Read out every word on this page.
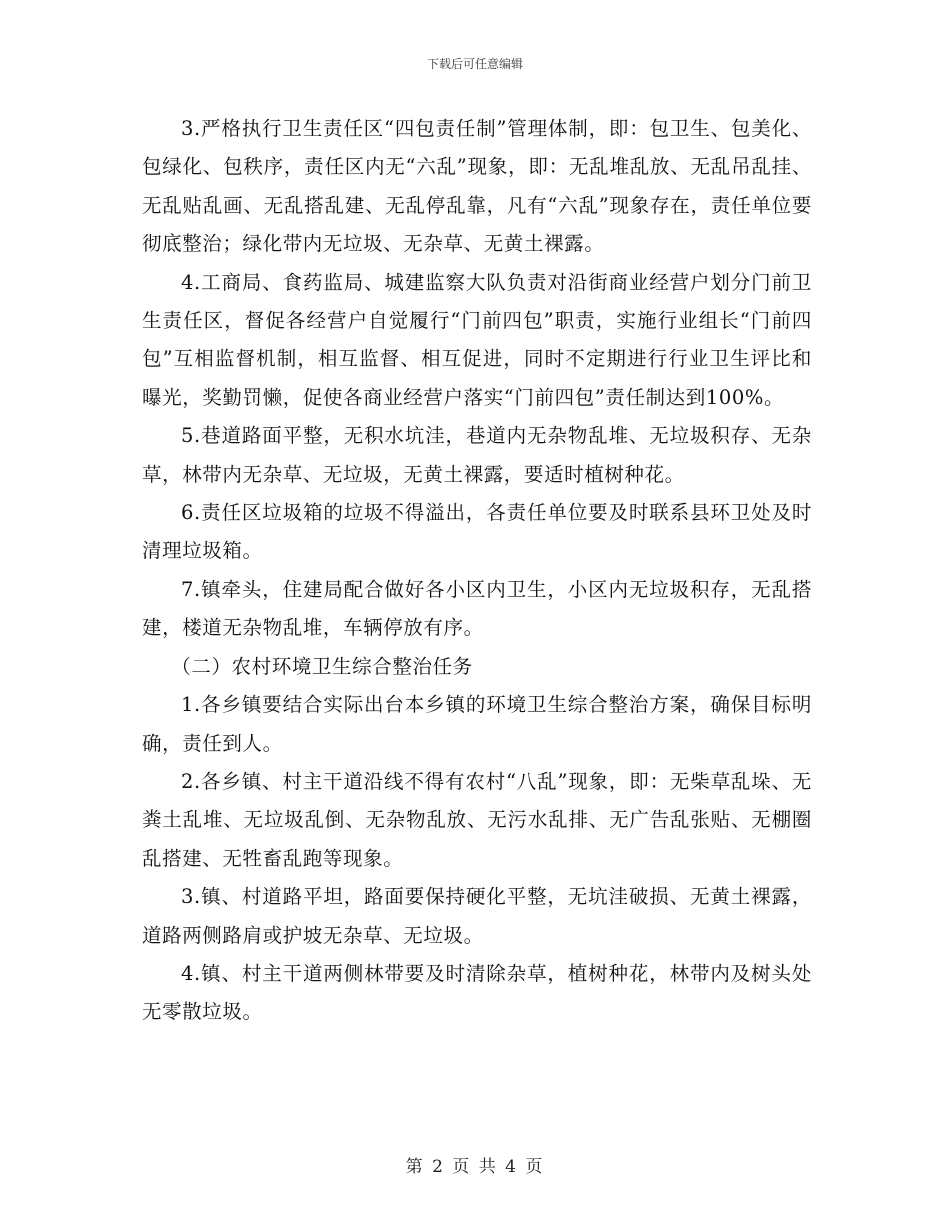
下载后可任意编辑

3.严格执行卫生责任区“四包责任制”管理体制，即：包卫生、包美化、包绿化、包秩序，责任区内无“六乱”现象，即：无乱堆乱放、无乱吊乱挂、无乱贴乱画、无乱搭乱建、无乱停乱靠，凡有“六乱”现象存在，责任单位要彻底整治；绿化带内无垃圾、无杂草、无黄土裸露。

4.工商局、食药监局、城建监察大队负责对沿街商业经营户划分门前卫生责任区，督促各经营户自觉履行“门前四包”职责，实施行业组长“门前四包”互相监督机制，相互监督、相互促进，同时不定期进行行业卫生评比和曝光，奖勤罚懒，促使各商业经营户落实“门前四包”责任制达到100%。

5.巷道路面平整，无积水坑洼，巷道内无杂物乱堆、无垃圾积存、无杂草，林带内无杂草、无垃圾，无黄土裸露，要适时植树种花。

6.责任区垃圾箱的垃圾不得溢出，各责任单位要及时联系县环卫处及时清理垃圾箱。

7.镇牵头，住建局配合做好各小区内卫生，小区内无垃圾积存，无乱搭建，楼道无杂物乱堆，车辆停放有序。

（二）农村环境卫生综合整治任务

1.各乡镇要结合实际出台本乡镇的环境卫生综合整治方案，确保目标明确，责任到人。

2.各乡镇、村主干道沿线不得有农村“八乱”现象，即：无柴草乱垛、无粪土乱堆、无垃圾乱倒、无杂物乱放、无污水乱排、无广告乱张贴、无棚圈乱搭建、无牲畜乱跑等现象。

3.镇、村道路平坦，路面要保持硬化平整，无坑洼破损、无黄土裸露，道路两侧路肩或护坡无杂草、无垃圾。

4.镇、村主干道两侧林带要及时清除杂草，植树种花，林带内及树头处无零散垃圾。

第 2 页 共 4 页
